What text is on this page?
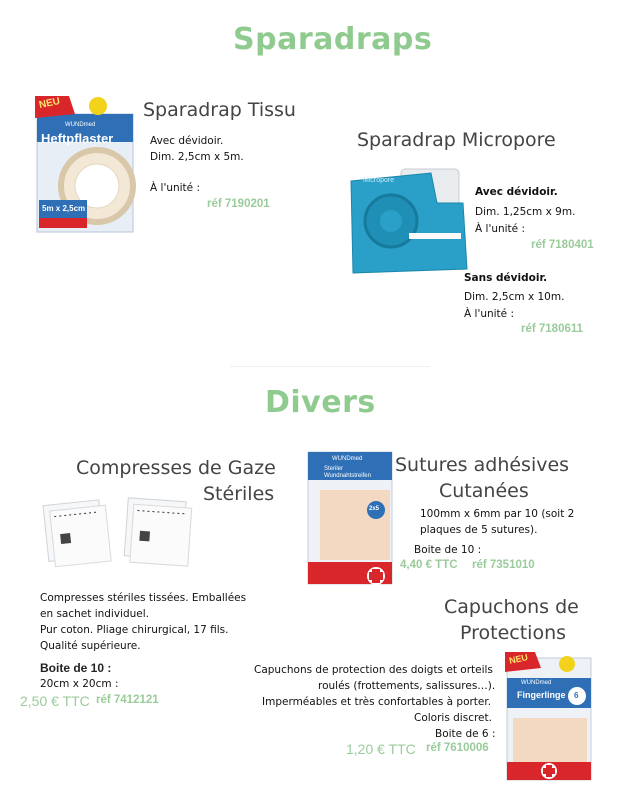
Sparadraps
NEU
WUNDmed
Heftpflaster
5m x 2,5cm
Sparadrap Tissu
Avec dévidoir.
Dim. 2,5cm x 5m.
À l'unité :
réf 7190201
Sparadrap Micropore
Micropore
Avec dévidoir.
Dim. 1,25cm x 9m.
À l'unité :
réf 7180401
Sans dévidoir.
Dim. 2,5cm x 10m.
À l'unité :
réf 7180611
Divers
Compresses de Gaze
Stériles
Compresses stériles tissées. Emballées
en sachet individuel.
Pur coton. Pliage chirurgical, 17 fils.
Qualité supérieure.
Boite de 10 :
20cm x 20cm :
2,50 € TTC réf 7412121
WUNDmed
Steriler Wundnahtstreifen
2x5
Sutures adhésives
Cutanées
100mm x 6mm par 10 (soit 2
plaques de 5 sutures).
Boite de 10 :
4,40 € TTC réf 7351010
Capuchons de
Protections
Capuchons de protection des doigts et orteils
roulés (frottements, salissures…).
Imperméables et très confortables à porter.
Coloris discret.
Boite de 6 :
1,20 € TTC réf 7610006
NEU
WUNDmed
Fingerlinge 6
